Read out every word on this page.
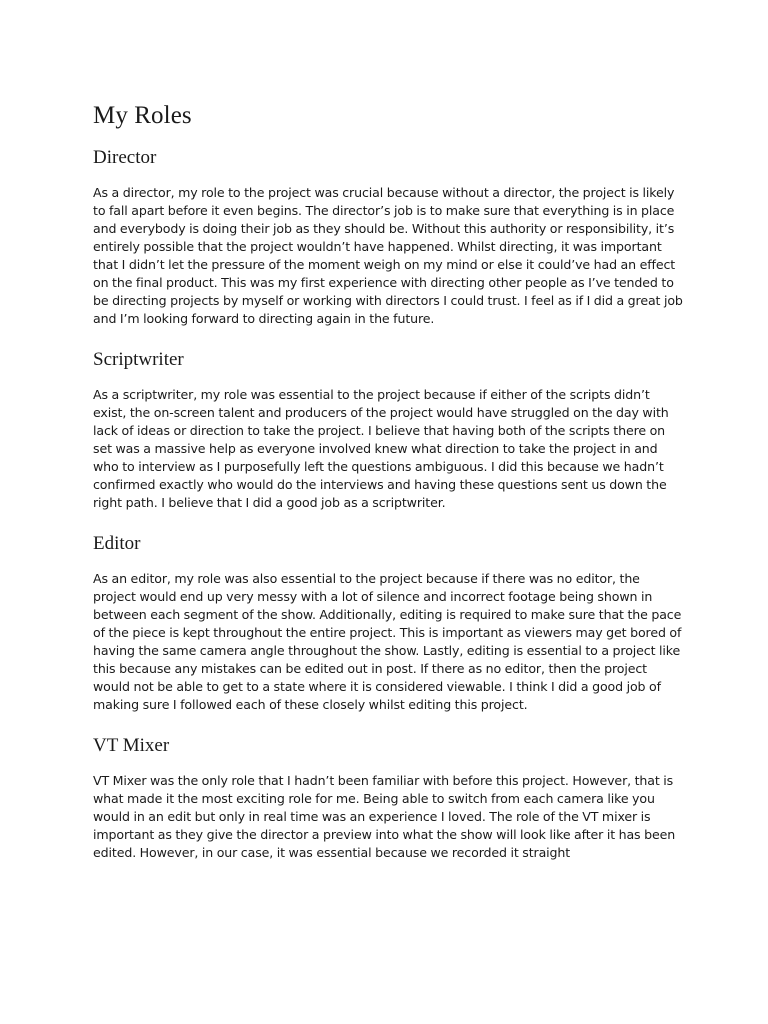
My Roles
Director

As a director, my role to the project was crucial because without a director, the project is likely to fall apart before it even begins. The director’s job is to make sure that everything is in place and everybody is doing their job as they should be. Without this authority or responsibility, it’s entirely possible that the project wouldn’t have happened. Whilst directing, it was important that I didn’t let the pressure of the moment weigh on my mind or else it could’ve had an effect on the final product. This was my first experience with directing other people as I’ve tended to be directing projects by myself or working with directors I could trust. I feel as if I did a great job and I’m looking forward to directing again in the future.

Scriptwriter

As a scriptwriter, my role was essential to the project because if either of the scripts didn’t exist, the on-screen talent and producers of the project would have struggled on the day with lack of ideas or direction to take the project. I believe that having both of the scripts there on set was a massive help as everyone involved knew what direction to take the project in and who to interview as I purposefully left the questions ambiguous. I did this because we hadn’t confirmed exactly who would do the interviews and having these questions sent us down the right path. I believe that I did a good job as a scriptwriter.

Editor

As an editor, my role was also essential to the project because if there was no editor, the project would end up very messy with a lot of silence and incorrect footage being shown in between each segment of the show. Additionally, editing is required to make sure that the pace of the piece is kept throughout the entire project. This is important as viewers may get bored of having the same camera angle throughout the show. Lastly, editing is essential to a project like this because any mistakes can be edited out in post. If there as no editor, then the project would not be able to get to a state where it is considered viewable. I think I did a good job of making sure I followed each of these closely whilst editing this project.

VT Mixer

VT Mixer was the only role that I hadn’t been familiar with before this project. However, that is what made it the most exciting role for me. Being able to switch from each camera like you would in an edit but only in real time was an experience I loved. The role of the VT mixer is important as they give the director a preview into what the show will look like after it has been edited. However, in our case, it was essential because we recorded it straight
